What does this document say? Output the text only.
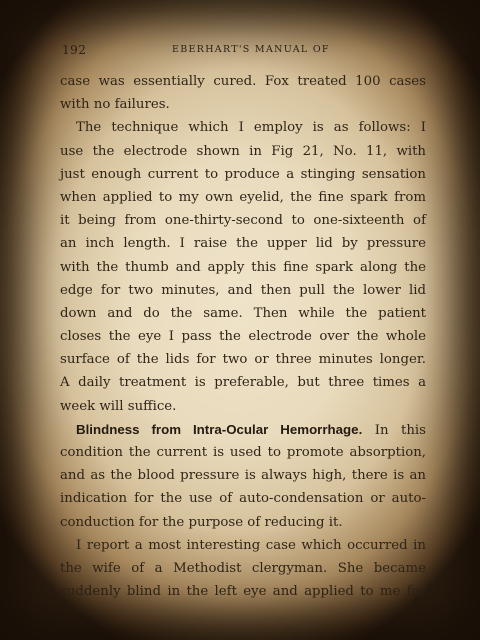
192	EBERHART'S MANUAL OF
case was essentially cured. Fox treated 100 cases
with no failures.
The technique which I employ is as follows: I
use the electrode shown in Fig 21, No. 11, with
just enough current to produce a stinging sensation
when applied to my own eyelid, the fine spark from
it being from one-thirty-second to one-sixteenth of
an inch length. I raise the upper lid by pressure
with the thumb and apply this fine spark along the
edge for two minutes, and then pull the lower lid
down and do the same. Then while the patient
closes the eye I pass the electrode over the whole
surface of the lids for two or three minutes longer.
A daily treatment is preferable, but three times a
week will suffice.
Blindness from Intra-Ocular Hemorrhage. In this
condition the current is used to promote absorption,
and as the blood pressure is always high, there is an
indication for the use of auto-condensation or auto-
conduction for the purpose of reducing it.
I report a most interesting case which occurred in
the wife of a Methodist clergyman. She became
suddenly blind in the left eye and applied to me for
